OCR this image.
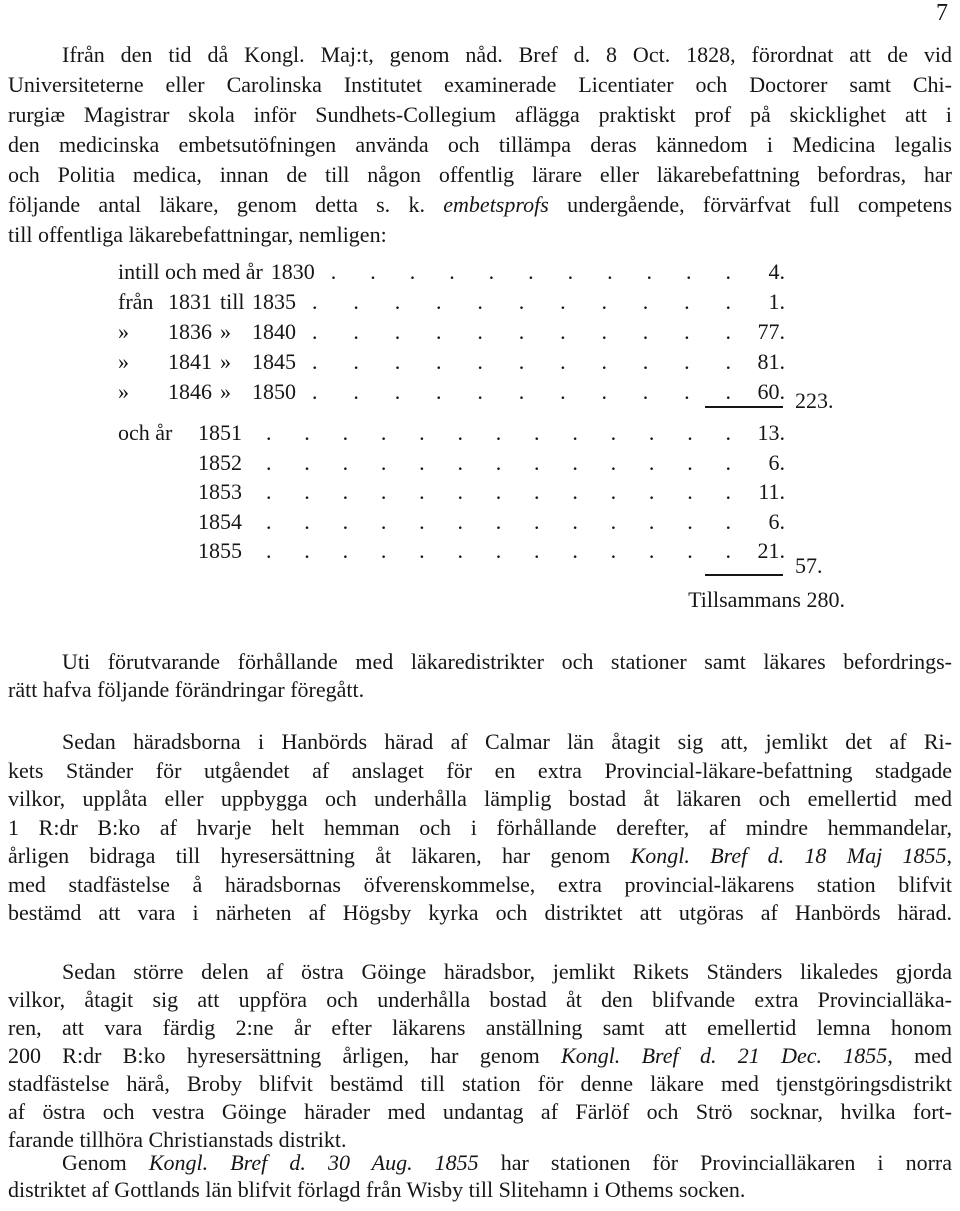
7
Ifrån den tid då Kongl. Maj:t, genom nåd. Bref d. 8 Oct. 1828, förordnat att de vid
Universiteterne eller Carolinska Institutet examinerade Licentiater och Doctorer samt Chi-
rurgiæ Magistrar skola inför Sundhets-Collegium aflägga praktiskt prof på skicklighet att i
den medicinska embetsutöfningen använda och tillämpa deras kännedom i Medicina legalis
och Politia medica, innan de till någon offentlig lärare eller läkarebefattning befordras, har
följande antal läkare, genom detta s. k. embetsprofs undergående, förvärfvat full competens
till offentliga läkarebefattningar, nemligen:
intill och med år 1830 . . . . . . . . . . .	4.
från 1831 till 1835 . . . . . . . . . . .	1.
»	1836 » 1840 . . . . . . . . . . .	77.
»	1841 » 1845 . . . . . . . . . . .	81.
»	1846 » 1850 . . . . . . . . . . .	60. 223.
och år	1851	. . . . . . . . . . . . .	13.
1852	. . . . . . . . . . . . .	6.
1853	. . . . . . . . . . . . .	11.
1854	. . . . . . . . . . . . .	6.
1855	. . . . . . . . . . . . .	21.
57.
Tillsammans 280.
Uti förutvarande förhållande med läkaredistrikter och stationer samt läkares befordrings-
rätt hafva följande förändringar föregått.
Sedan häradsborna i Hanbörds härad af Calmar län åtagit sig att, jemlikt det af Ri-
kets Ständer för utgåendet af anslaget för en extra Provincial-läkare-befattning stadgade
vilkor, upplåta eller uppbygga och underhålla lämplig bostad åt läkaren och emellertid med
1 R:dr B:ko af hvarje helt hemman och i förhållande derefter, af mindre hemmandelar,
årligen bidraga till hyresersättning åt läkaren, har genom Kongl. Bref d. 18 Maj 1855,
med stadfästelse å häradsbornas öfverenskommelse, extra provincial-läkarens station blifvit
bestämd att vara i närheten af Högsby kyrka och distriktet att utgöras af Hanbörds härad.
Sedan större delen af östra Göinge häradsbor, jemlikt Rikets Ständers likaledes gjorda
vilkor, åtagit sig att uppföra och underhålla bostad åt den blifvande extra Provincialläka-
ren, att vara färdig 2:ne år efter läkarens anställning samt att emellertid lemna honom
200 R:dr B:ko hyresersättning årligen, har genom Kongl. Bref d. 21 Dec. 1855, med
stadfästelse härå, Broby blifvit bestämd till station för denne läkare med tjenstgöringsdistrikt
af östra och vestra Göinge härader med undantag af Färlöf och Strö socknar, hvilka fort-
farande tillhöra Christianstads distrikt.
Genom Kongl. Bref d. 30 Aug. 1855 har stationen för Provincialläkaren i norra
distriktet af Gottlands län blifvit förlagd från Wisby till Slitehamn i Othems socken.
